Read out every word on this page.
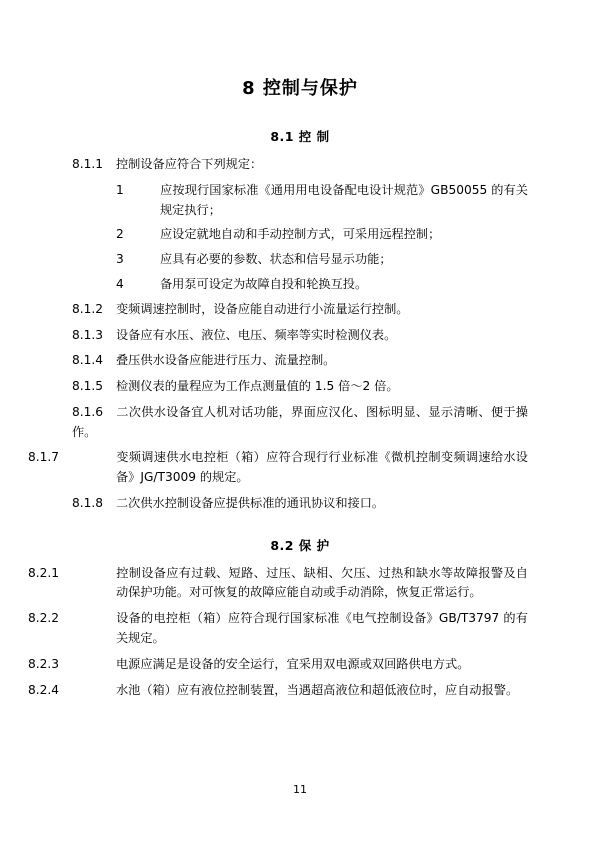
8 控制与保护
8.1 控 制

8.1.1 控制设备应符合下列规定：

1	应按现行国家标准《通用用电设备配电设计规范》GB50055 的有关规定执行；

2	应设定就地自动和手动控制方式，可采用远程控制；

3	应具有必要的参数、状态和信号显示功能；

4	备用泵可设定为故障自投和轮换互投。

8.1.2 变频调速控制时，设备应能自动进行小流量运行控制。

8.1.3 设备应有水压、液位、电压、频率等实时检测仪表。

8.1.4 叠压供水设备应能进行压力、流量控制。

8.1.5 检测仪表的量程应为工作点测量值的 1.5 倍～2 倍。

8.1.6 二次供水设备宜人机对话功能，界面应汉化、图标明显、显示清晰、便于操作。

8.1.7	变频调速供水电控柜（箱）应符合现行行业标准《微机控制变频调速给水设备》JG/T3009 的规定。

8.1.8 二次供水控制设备应提供标准的通讯协议和接口。

8.2 保 护

8.2.1	控制设备应有过载、短路、过压、缺相、欠压、过热和缺水等故障报警及自动保护功能。对可恢复的故障应能自动或手动消除，恢复正常运行。

8.2.2	设备的电控柜（箱）应符合现行国家标准《电气控制设备》GB/T3797 的有关规定。

8.2.3	电源应满足是设备的安全运行，宜采用双电源或双回路供电方式。

8.2.4	水池（箱）应有液位控制装置，当遇超高液位和超低液位时，应自动报警。

11
